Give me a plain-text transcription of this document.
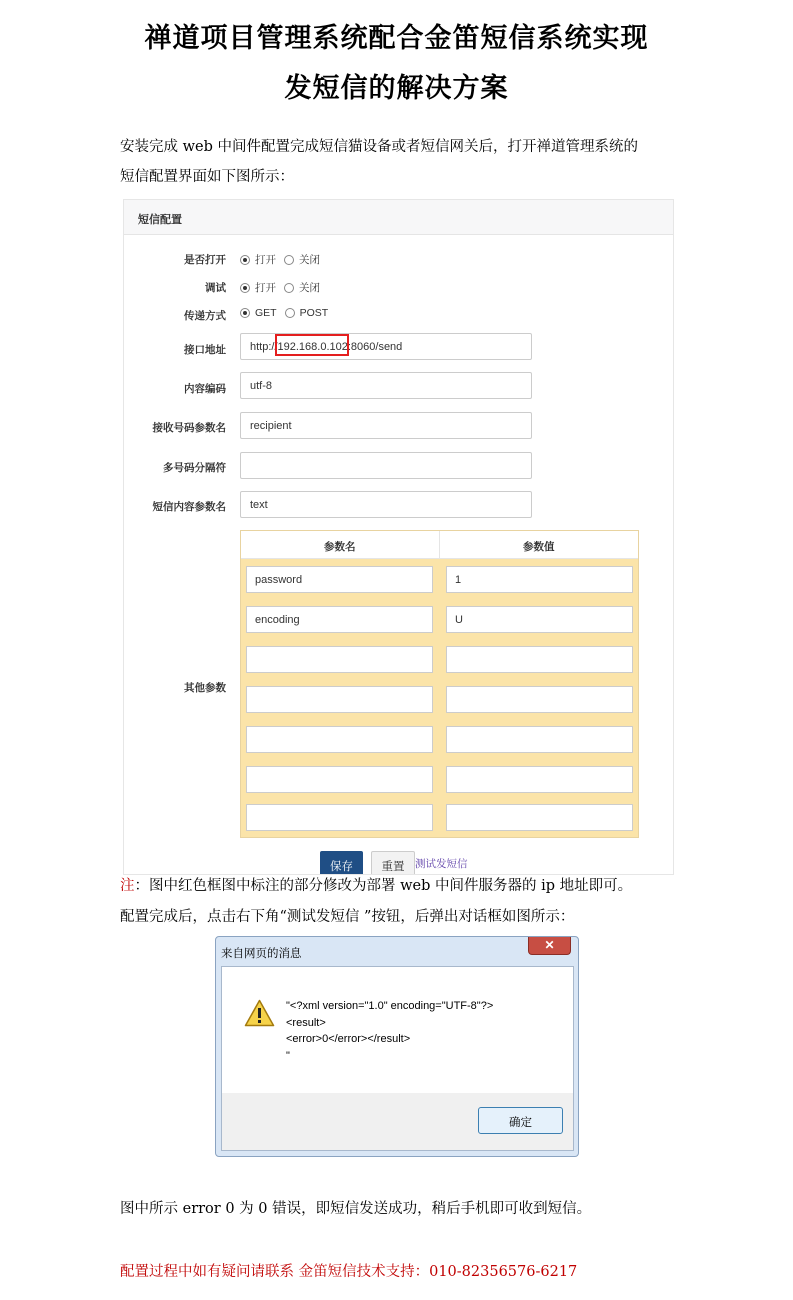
禅道项目管理系统配合金笛短信系统实现
发短信的解决方案
安装完成 web 中间件配置完成短信猫设备或者短信网关后，打开禅道管理系统的
短信配置界面如下图所示：
短信配置
是否打开	打开 关闭
调试	打开 关闭
传递方式	GET POST
接口地址	http://192.168.0.102:8060/send
内容编码	utf-8
接收号码参数名	recipient
多号码分隔符
短信内容参数名	text
其他参数
参数名	参数值
password	1
encoding	U
保存	重置	测试发短信
注：图中红色框图中标注的部分修改为部署 web 中间件服务器的 ip 地址即可。
配置完成后，点击右下角“测试发短信 ”按钮，后弹出对话框如图所示：
来自网页的消息
✕
"<?xml version="1.0" encoding="UTF-8"?>
<result>
<error>0</error></result>
"
确定
图中所示 error 0 为 0 错误，即短信发送成功，稍后手机即可收到短信。
配置过程中如有疑问请联系 金笛短信技术支持：010-82356576-6217
